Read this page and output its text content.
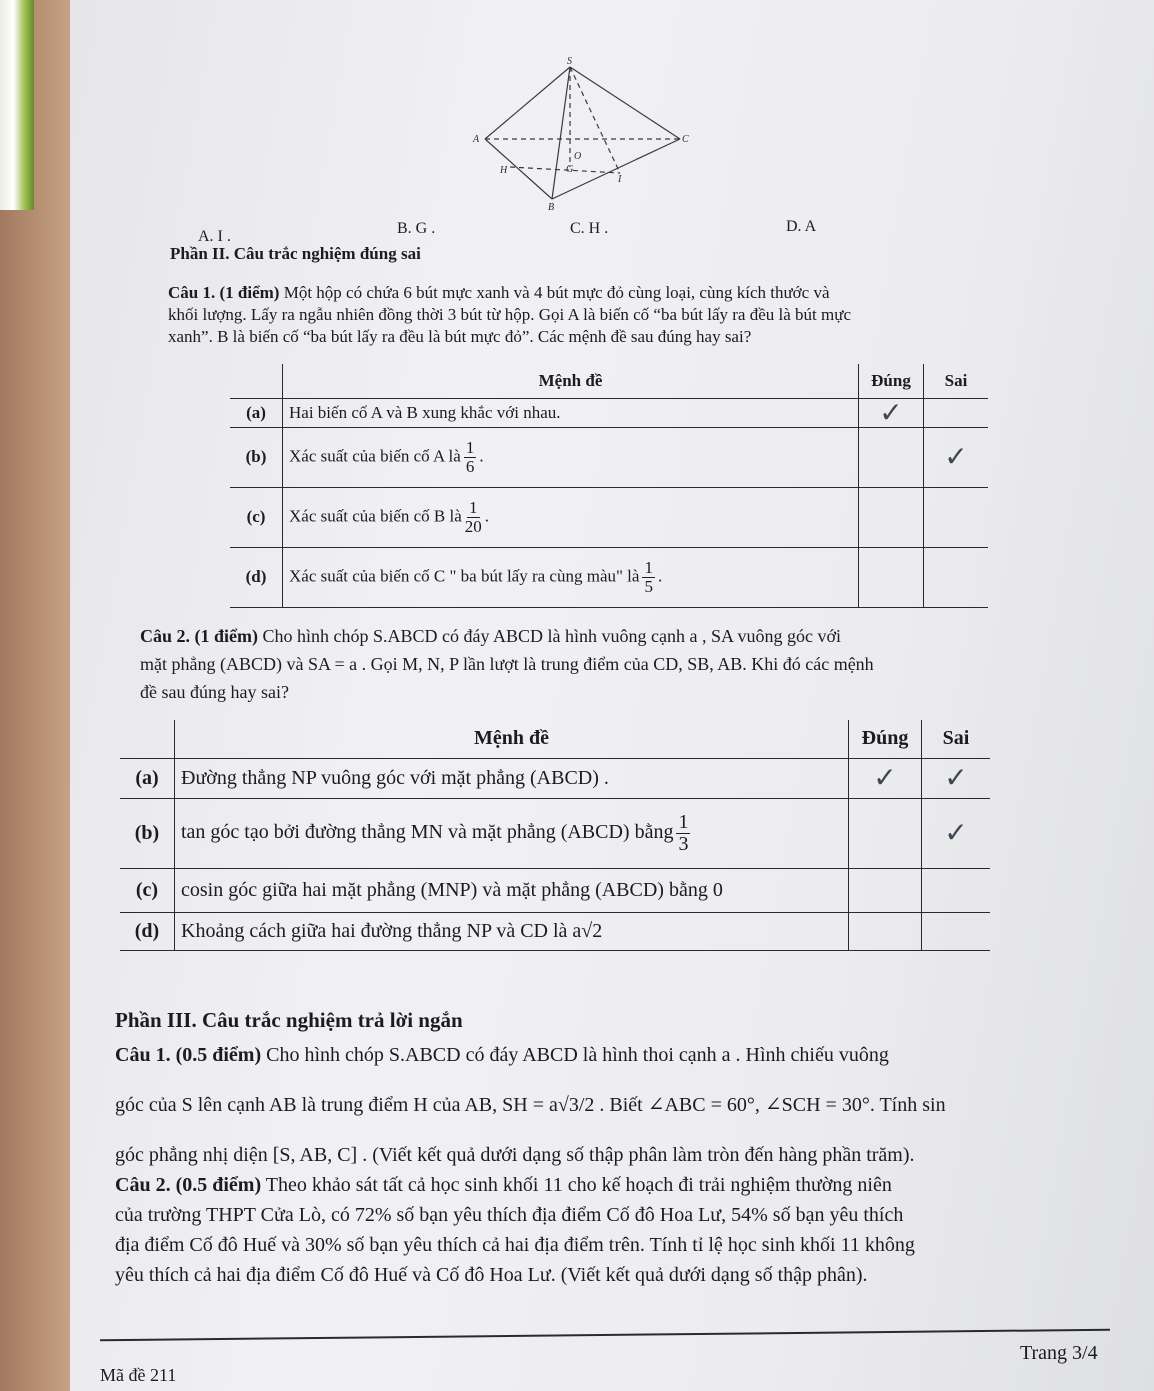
S
A	C
H	G
I
B
O
A. I .	B. G .	C. H .	D. A
Phần II. Câu trắc nghiệm đúng sai
Câu 1. (1 điểm) Một hộp có chứa 6 bút mực xanh và 4 bút mực đỏ cùng loại, cùng kích thước và
khối lượng. Lấy ra ngẫu nhiên đồng thời 3 bút từ hộp. Gọi A là biến cố “ba bút lấy ra đều là bút mực
xanh”. B là biến cố “ba bút lấy ra đều là bút mực đỏ”. Các mệnh đề sau đúng hay sai?
	Mệnh đề	Đúng	Sai
(a)	Hai biến cố A và B xung khắc với nhau.	✓	
(b)	Xác suất của biến cố A là $\frac{1}{6}$ .		✓
(c)	Xác suất của biến cố B là $\frac{1}{20}$ .		
(d)	Xác suất của biến cố C " ba bút lấy ra cùng màu" là $\frac{1}{5}$ .		
Câu 2. (1 điểm) Cho hình chóp S.ABCD có đáy ABCD là hình vuông cạnh a , SA vuông góc với
mặt phẳng (ABCD) và SA = a . Gọi M, N, P lần lượt là trung điểm của CD, SB, AB. Khi đó các mệnh
đề sau đúng hay sai?
	Mệnh đề	Đúng	Sai
(a)	Đường thẳng NP vuông góc với mặt phẳng (ABCD) .	✓	✓
(b)	tan góc tạo bởi đường thẳng MN và mặt phẳng (ABCD) bằng $\frac{1}{3}$		✓
(c)	cosin góc giữa hai mặt phẳng (MNP) và mặt phẳng (ABCD) bằng 0		
(d)	Khoảng cách giữa hai đường thẳng NP và CD là a√2		
Phần III. Câu trắc nghiệm trả lời ngắn
Câu 1. (0.5 điểm) Cho hình chóp S.ABCD có đáy ABCD là hình thoi cạnh a . Hình chiếu vuông
góc của S lên cạnh AB là trung điểm H của AB, SH = a√3/2 . Biết ∠ABC = 60°, ∠SCH = 30°. Tính sin
góc phẳng nhị diện [S, AB, C] . (Viết kết quả dưới dạng số thập phân làm tròn đến hàng phần trăm).
Câu 2. (0.5 điểm) Theo khảo sát tất cả học sinh khối 11 cho kế hoạch đi trải nghiệm thường niên
của trường THPT Cửa Lò, có 72% số bạn yêu thích địa điểm Cố đô Hoa Lư, 54% số bạn yêu thích
địa điểm Cố đô Huế và 30% số bạn yêu thích cả hai địa điểm trên. Tính tỉ lệ học sinh khối 11 không
yêu thích cả hai địa điểm Cố đô Huế và Cố đô Hoa Lư. (Viết kết quả dưới dạng số thập phân).
Trang 3/4
Mã đề 211
